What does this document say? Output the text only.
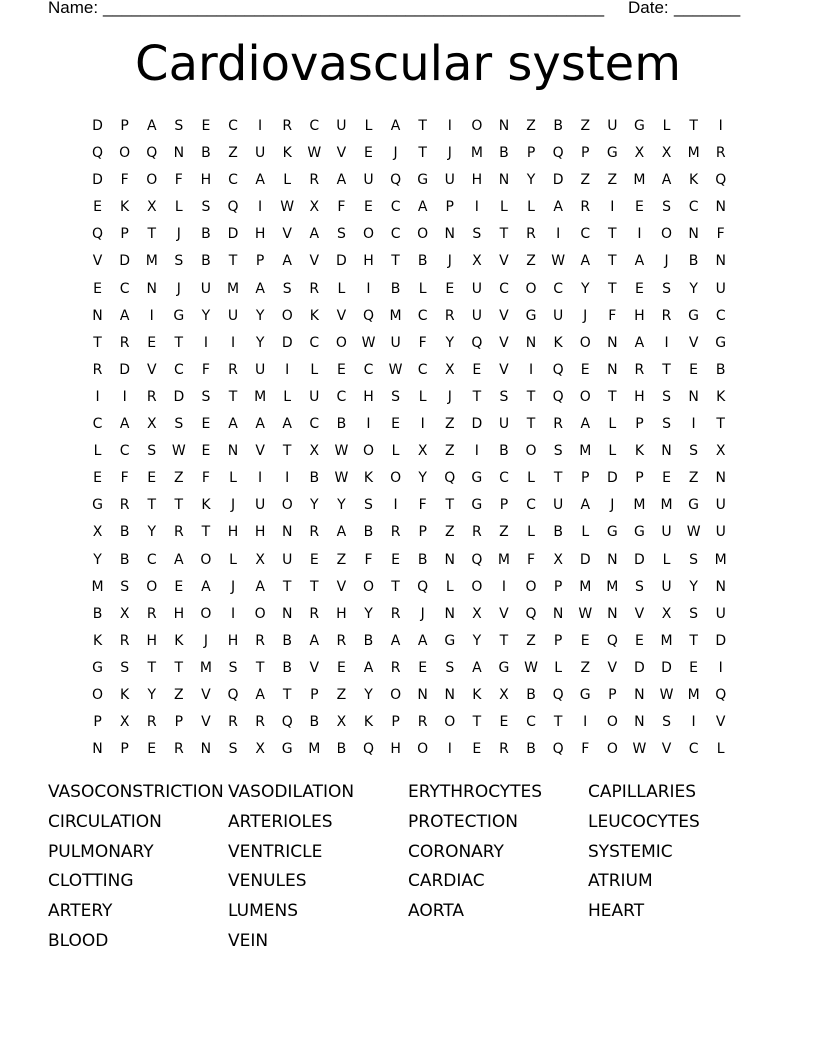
Name: _____________________________________________________ Date: _______
Cardiovascular system
D	P	A	S	E	C	I	R	C	U	L	A	T	I	O	N	Z	B	Z	U	G	L	T	I
Q	O	Q	N	B	Z	U	K	W	V	E	J	T	J	M	B	P	Q	P	G	X	X	M	R
D	F	O	F	H	C	A	L	R	A	U	Q	G	U	H	N	Y	D	Z	Z	M	A	K	Q
E	K	X	L	S	Q	I	W	X	F	E	C	A	P	I	L	L	A	R	I	E	S	C	N
Q	P	T	J	B	D	H	V	A	S	O	C	O	N	S	T	R	I	C	T	I	O	N	F
V	D	M	S	B	T	P	A	V	D	H	T	B	J	X	V	Z	W	A	T	A	J	B	N
E	C	N	J	U	M	A	S	R	L	I	B	L	E	U	C	O	C	Y	T	E	S	Y	U
N	A	I	G	Y	U	Y	O	K	V	Q	M	C	R	U	V	G	U	J	F	H	R	G	C
T	R	E	T	I	I	Y	D	C	O	W	U	F	Y	Q	V	N	K	O	N	A	I	V	G
R	D	V	C	F	R	U	I	L	E	C	W	C	X	E	V	I	Q	E	N	R	T	E	B
I	I	R	D	S	T	M	L	U	C	H	S	L	J	T	S	T	Q	O	T	H	S	N	K
C	A	X	S	E	A	A	A	C	B	I	E	I	Z	D	U	T	R	A	L	P	S	I	T
L	C	S	W	E	N	V	T	X	W	O	L	X	Z	I	B	O	S	M	L	K	N	S	X
E	F	E	Z	F	L	I	I	B	W	K	O	Y	Q	G	C	L	T	P	D	P	E	Z	N
G	R	T	T	K	J	U	O	Y	Y	S	I	F	T	G	P	C	U	A	J	M	M	G	U
X	B	Y	R	T	H	H	N	R	A	B	R	P	Z	R	Z	L	B	L	G	G	U	W	U
Y	B	C	A	O	L	X	U	E	Z	F	E	B	N	Q	M	F	X	D	N	D	L	S	M
M	S	O	E	A	J	A	T	T	V	O	T	Q	L	O	I	O	P	M	M	S	U	Y	N
B	X	R	H	O	I	O	N	R	H	Y	R	J	N	X	V	Q	N	W	N	V	X	S	U
K	R	H	K	J	H	R	B	A	R	B	A	A	G	Y	T	Z	P	E	Q	E	M	T	D
G	S	T	T	M	S	T	B	V	E	A	R	E	S	A	G	W	L	Z	V	D	D	E	I
O	K	Y	Z	V	Q	A	T	P	Z	Y	O	N	N	K	X	B	Q	G	P	N	W	M	Q
P	X	R	P	V	R	R	Q	B	X	K	P	R	O	T	E	C	T	I	O	N	S	I	V
N	P	E	R	N	S	X	G	M	B	Q	H	O	I	E	R	B	Q	F	O	W	V	C	L
VASOCONSTRICTION
CIRCULATION
PULMONARY
CLOTTING
ARTERY
BLOOD
VASODILATION
ARTERIOLES
VENTRICLE
VENULES
LUMENS
VEIN
ERYTHROCYTES
PROTECTION
CORONARY
CARDIAC
AORTA
CAPILLARIES
LEUCOCYTES
SYSTEMIC
ATRIUM
HEART
